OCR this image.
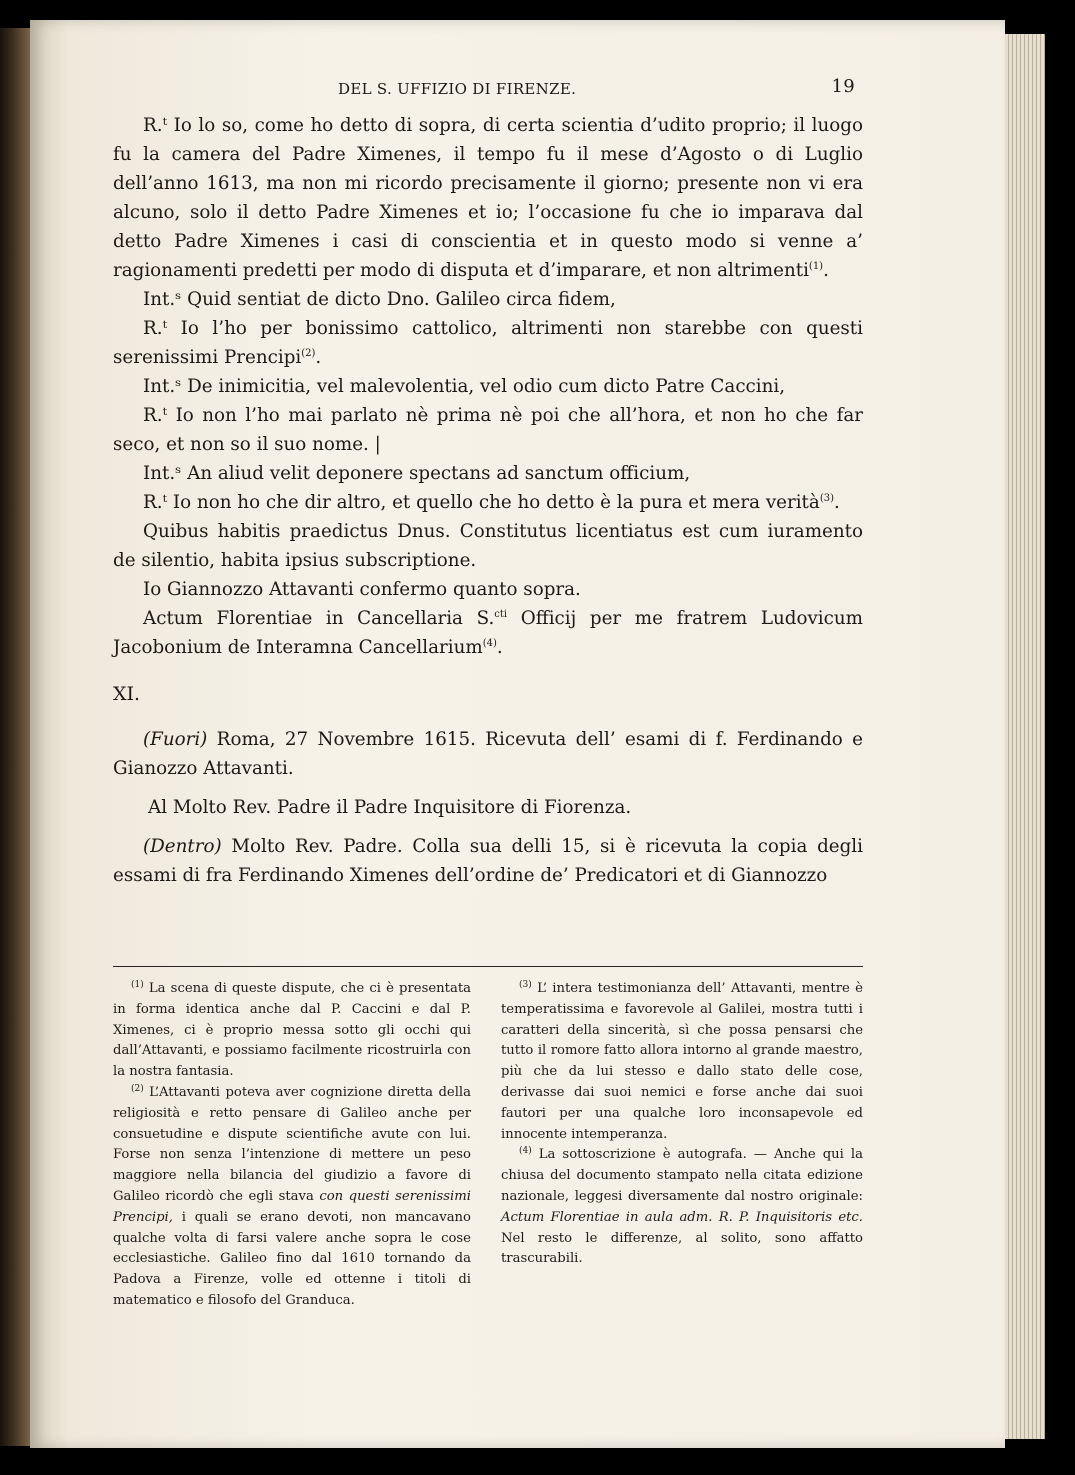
DEL S. UFFIZIO DI FIRENZE.	19

R.ᵗ Io lo so, come ho detto di sopra, di certa scientia d’udito proprio; il luogo fu la camera del Padre Ximenes, il tempo fu il mese d’Agosto o di Luglio dell’anno 1613, ma non mi ricordo precisamente il giorno; presente non vi era alcuno, solo il detto Padre Ximenes et io; l’occasione fu che io imparava dal detto Padre Ximenes i casi di conscientia et in questo modo si venne a’ ragionamenti predetti per modo di disputa et d’imparare, et non altrimenti$^{(1)}$.

Int.ˢ Quid sentiat de dicto Dno. Galileo circa fidem,

R.ᵗ Io l’ho per bonissimo cattolico, altrimenti non starebbe con questi serenissimi Prencipi$^{(2)}$.

Int.ˢ De inimicitia, vel malevolentia, vel odio cum dicto Patre Caccini,

R.ᵗ Io non l’ho mai parlato nè prima nè poi che all’hora, et non ho che far seco, et non so il suo nome. |

Int.ˢ An aliud velit deponere spectans ad sanctum officium,

R.ᵗ Io non ho che dir altro, et quello che ho detto è la pura et mera verità$^{(3)}$.

Quibus habitis praedictus Dnus. Constitutus licentiatus est cum iuramento de silentio, habita ipsius subscriptione.

Io Giannozzo Attavanti confermo quanto sopra.

Actum Florentiae in Cancellaria S.$^{cti}$ Officij per me fratrem Ludovicum Jacobonium de Interamna Cancellarium$^{(4)}$.

XI.

(Fuori) Roma, 27 Novembre 1615. Ricevuta dell’ esami di f. Ferdinando e Gianozzo Attavanti.

Al Molto Rev. Padre il Padre Inquisitore di Fiorenza.

(Dentro) Molto Rev. Padre. Colla sua delli 15, si è ricevuta la copia degli essami di fra Ferdinando Ximenes dell’ordine de’ Predicatori et di Giannozzo

$^{(1)}$ La scena di queste dispute, che ci è presentata in forma identica anche dal P. Caccini e dal P. Ximenes, ci è proprio messa sotto gli occhi qui dall’Attavanti, e possiamo facilmente ricostruirla con la nostra fantasia.

$^{(2)}$ L’Attavanti poteva aver cognizione diretta della religiosità e retto pensare di Galileo anche per consuetudine e dispute scientifiche avute con lui. Forse non senza l’intenzione di mettere un peso maggiore nella bilancia del giudizio a favore di Galileo ricordò che egli stava con questi serenissimi Prencipi, i quali se erano devoti, non mancavano qualche volta di farsi valere anche sopra le cose ecclesiastiche. Galileo fino dal 1610 tornando da Padova a Firenze, volle ed ottenne i titoli di matematico e filosofo del Granduca.

$^{(3)}$ L’ intera testimonianza dell’ Attavanti, mentre è temperatissima e favorevole al Galilei, mostra tutti i caratteri della sincerità, sì che possa pensarsi che tutto il romore fatto allora intorno al grande maestro, più che da lui stesso e dallo stato delle cose, derivasse dai suoi nemici e forse anche dai suoi fautori per una qualche loro inconsapevole ed innocente intemperanza.

$^{(4)}$ La sottoscrizione è autografa. — Anche qui la chiusa del documento stampato nella citata edizione nazionale, leggesi diversamente dal nostro originale: Actum Florentiae in aula adm. R. P. Inquisitoris etc. Nel resto le differenze, al solito, sono affatto trascurabili.
